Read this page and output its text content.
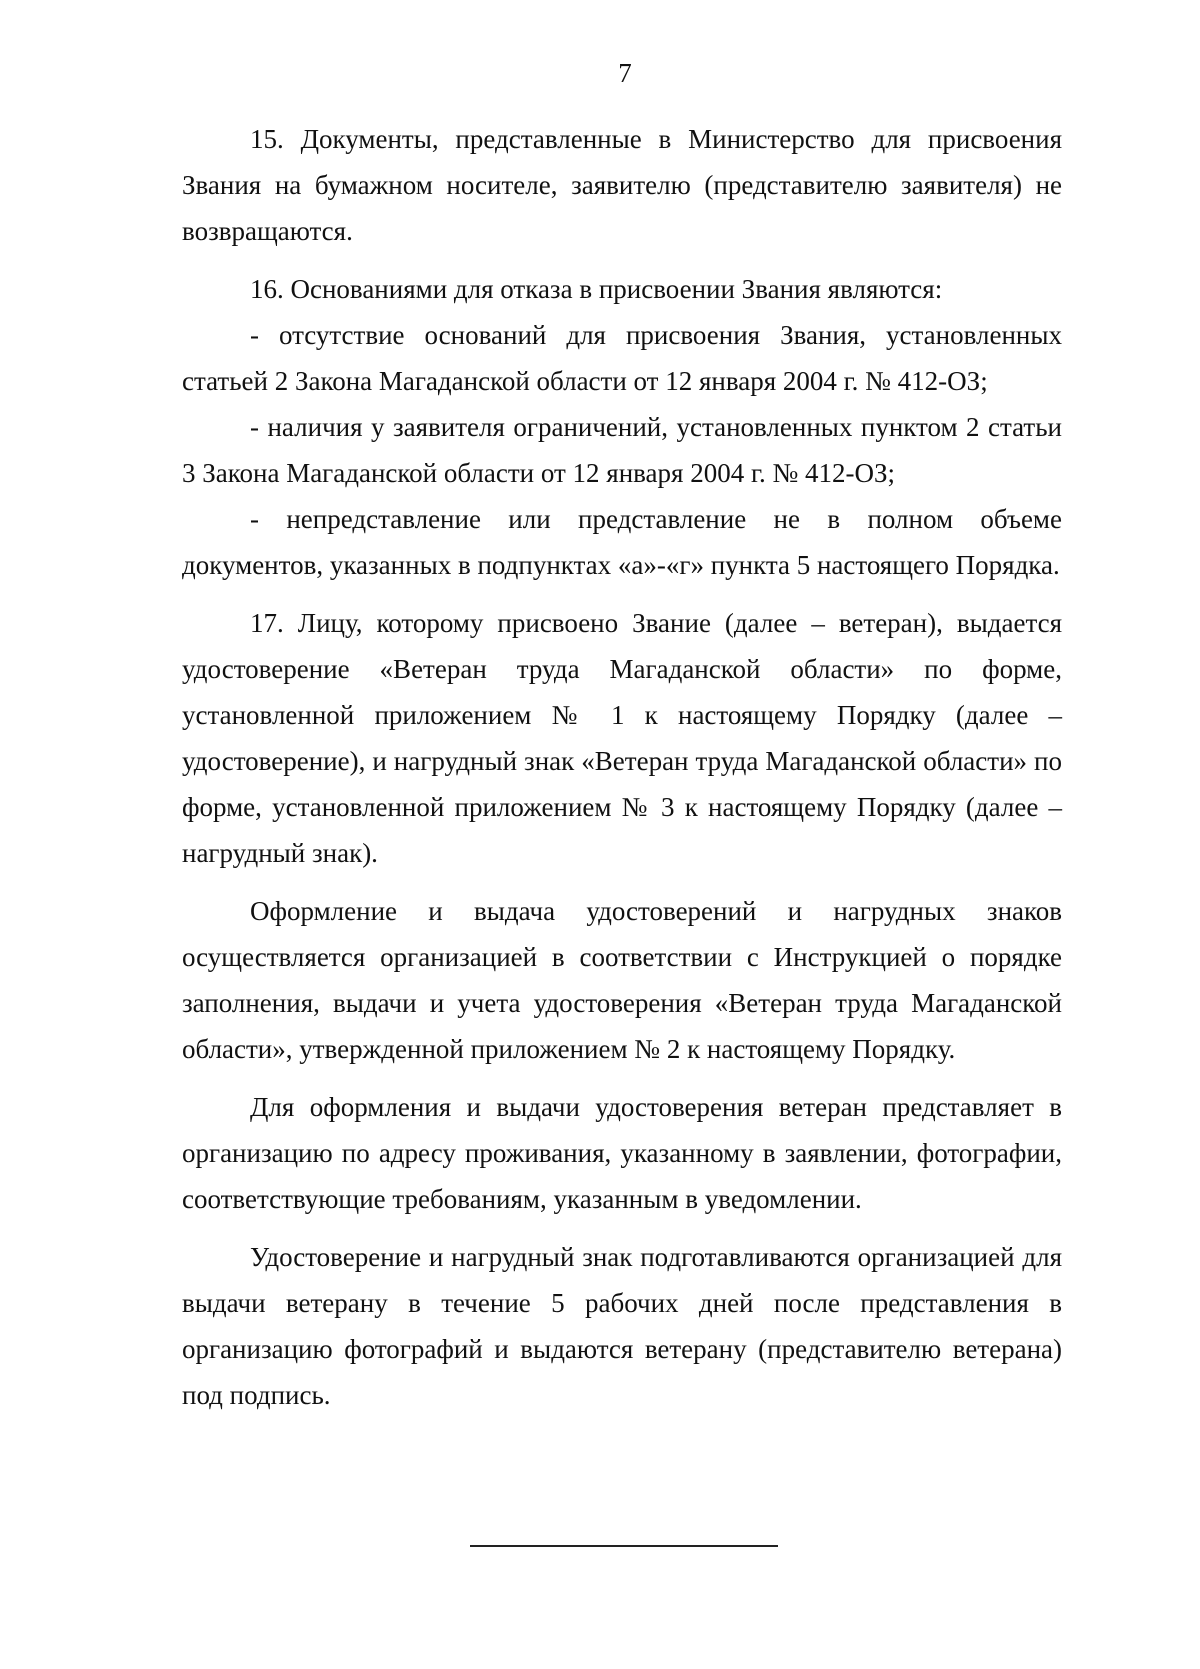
7

15. Документы, представленные в Министерство для присвоения Звания на бумажном носителе, заявителю (представителю заявителя) не возвращаются.

16. Основаниями для отказа в присвоении Звания являются:

- отсутствие оснований для присвоения Звания, установленных статьей 2 Закона Магаданской области от 12 января 2004 г. № 412-ОЗ;

- наличия у заявителя ограничений, установленных пунктом 2 статьи 3 Закона Магаданской области от 12 января 2004 г. № 412-ОЗ;

- непредставление или представление не в полном объеме документов, указанных в подпунктах «а»-«г» пункта 5 настоящего Порядка.

17. Лицу, которому присвоено Звание (далее – ветеран), выдается удостоверение «Ветеран труда Магаданской области» по форме, установленной приложением № 1 к настоящему Порядку (далее – удостоверение), и нагрудный знак «Ветеран труда Магаданской области» по форме, установленной приложением № 3 к настоящему Порядку (далее – нагрудный знак).

Оформление и выдача удостоверений и нагрудных знаков осуществляется организацией в соответствии с Инструкцией о порядке заполнения, выдачи и учета удостоверения «Ветеран труда Магаданской области», утвержденной приложением № 2 к настоящему Порядку.

Для оформления и выдачи удостоверения ветеран представляет в организацию по адресу проживания, указанному в заявлении, фотографии, соответствующие требованиям, указанным в уведомлении.

Удостоверение и нагрудный знак подготавливаются организацией для выдачи ветерану в течение 5 рабочих дней после представления в организацию фотографий и выдаются ветерану (представителю ветерана) под подпись.
